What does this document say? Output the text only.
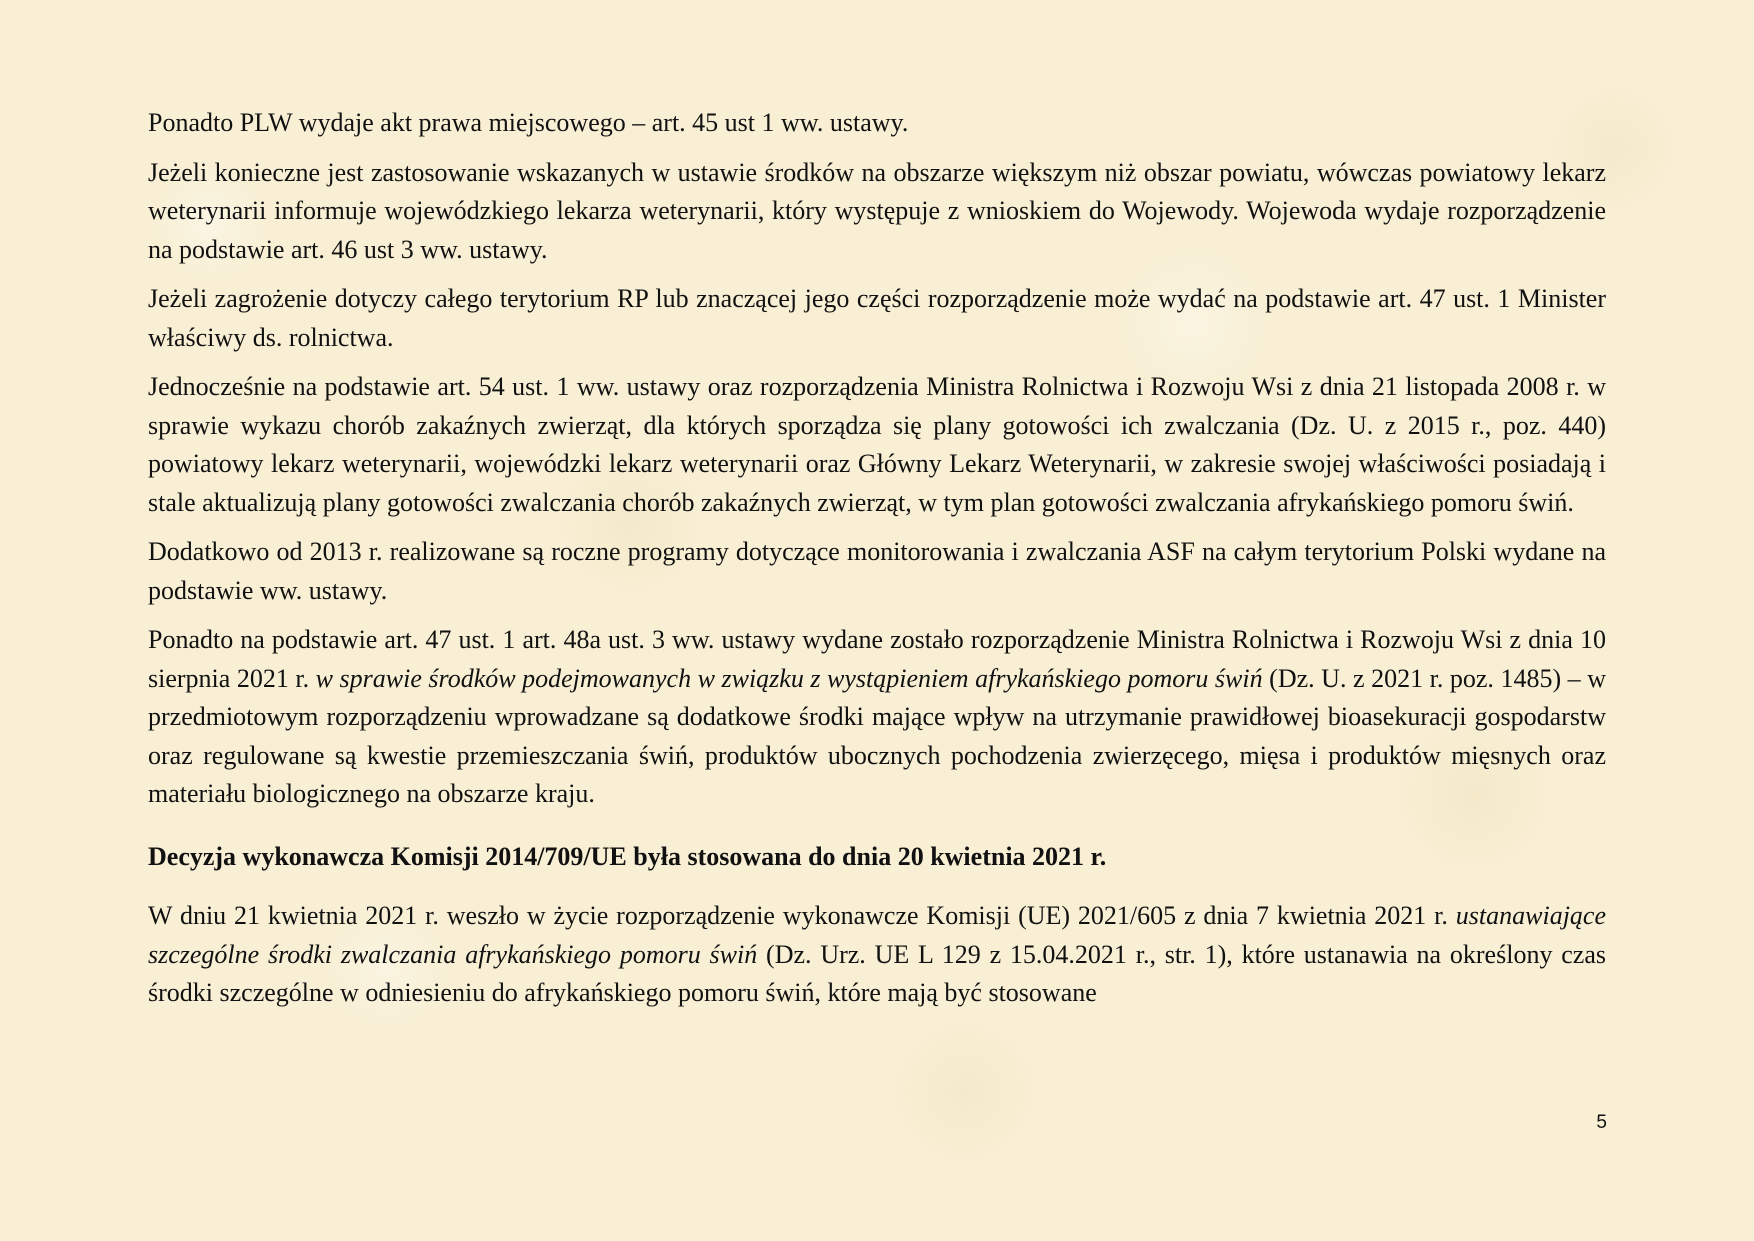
Ponadto PLW wydaje akt prawa miejscowego – art. 45 ust 1 ww. ustawy.

Jeżeli konieczne jest zastosowanie wskazanych w ustawie środków na obszarze większym niż obszar powiatu, wówczas powiatowy lekarz weterynarii informuje wojewódzkiego lekarza weterynarii, który występuje z wnioskiem do Wojewody. Wojewoda wydaje rozporządzenie na podstawie art. 46 ust 3 ww. ustawy.

Jeżeli zagrożenie dotyczy całego terytorium RP lub znaczącej jego części rozporządzenie może wydać na podstawie art. 47 ust. 1 Minister właściwy ds. rolnictwa.

Jednocześnie na podstawie art. 54 ust. 1 ww. ustawy oraz rozporządzenia Ministra Rolnictwa i Rozwoju Wsi z dnia 21 listopada 2008 r. w sprawie wykazu chorób zakaźnych zwierząt, dla których sporządza się plany gotowości ich zwalczania (Dz. U. z 2015 r., poz. 440) powiatowy lekarz weterynarii, wojewódzki lekarz weterynarii oraz Główny Lekarz Weterynarii, w zakresie swojej właściwości posiadają i stale aktualizują plany gotowości zwalczania chorób zakaźnych zwierząt, w tym plan gotowości zwalczania afrykańskiego pomoru świń.

Dodatkowo od 2013 r. realizowane są roczne programy dotyczące monitorowania i zwalczania ASF na całym terytorium Polski wydane na podstawie ww. ustawy.

Ponadto na podstawie art. 47 ust. 1 art. 48a ust. 3 ww. ustawy wydane zostało rozporządzenie Ministra Rolnictwa i Rozwoju Wsi z dnia 10 sierpnia 2021 r. w sprawie środków podejmowanych w związku z wystąpieniem afrykańskiego pomoru świń (Dz. U. z 2021 r. poz. 1485) – w przedmiotowym rozporządzeniu wprowadzane są dodatkowe środki mające wpływ na utrzymanie prawidłowej bioasekuracji gospodarstw oraz regulowane są kwestie przemieszczania świń, produktów ubocznych pochodzenia zwierzęcego, mięsa i produktów mięsnych oraz materiału biologicznego na obszarze kraju.

Decyzja wykonawcza Komisji 2014/709/UE była stosowana do dnia 20 kwietnia 2021 r.

W dniu 21 kwietnia 2021 r. weszło w życie rozporządzenie wykonawcze Komisji (UE) 2021/605 z dnia 7 kwietnia 2021 r. ustanawiające szczególne środki zwalczania afrykańskiego pomoru świń (Dz. Urz. UE L 129 z 15.04.2021 r., str. 1), które ustanawia na określony czas środki szczególne w odniesieniu do afrykańskiego pomoru świń, które mają być stosowane

5
